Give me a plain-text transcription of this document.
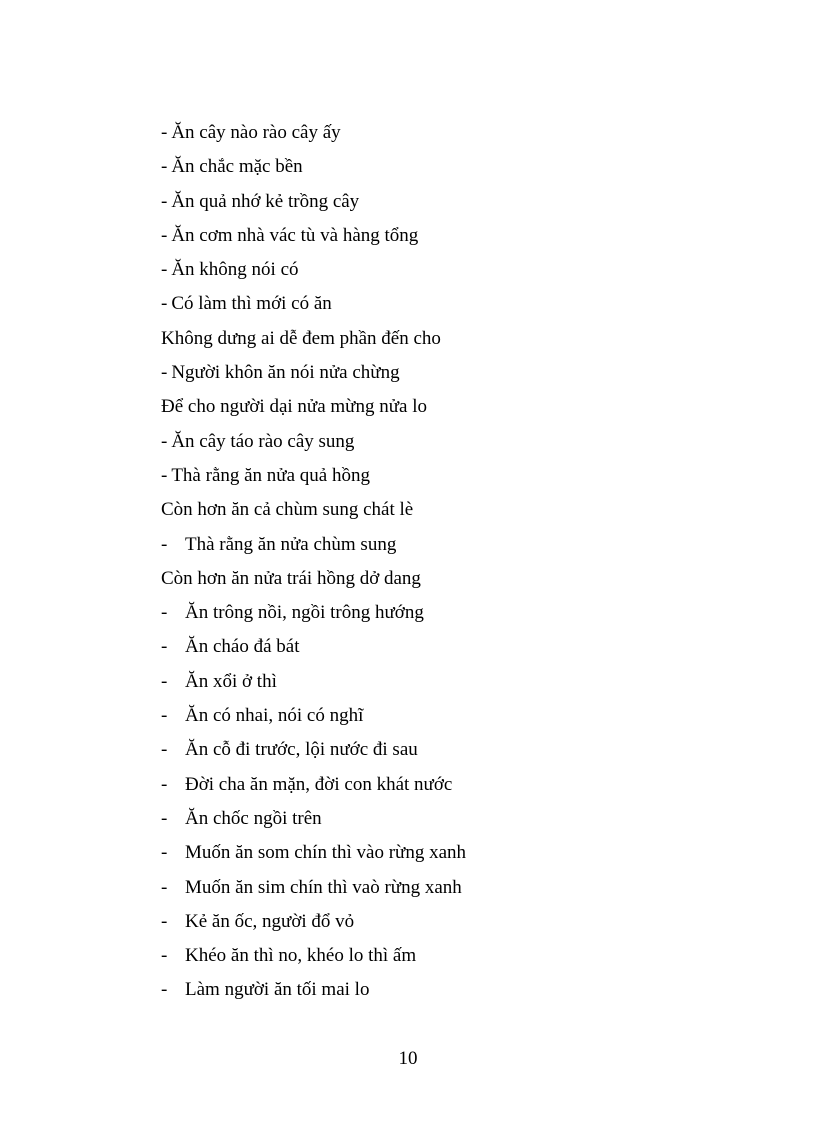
- Ăn cây nào rào cây ấy
- Ăn chắc mặc bền
- Ăn quả nhớ kẻ trồng cây
- Ăn cơm nhà vác tù và hàng tổng
- Ăn không nói có
- Có làm thì mới có ăn
Không dưng ai dễ đem phần đến cho
- Người khôn ăn nói nửa chừng
Để cho người dại nửa mừng nửa lo
- Ăn cây táo rào cây sung
- Thà rằng ăn nửa quả hồng
Còn hơn ăn cả chùm sung chát lè
- Thà rằng ăn nửa chùm sung
Còn hơn ăn nửa trái hồng dở dang
- Ăn trông nồi, ngồi trông hướng
- Ăn cháo đá bát
- Ăn xổi ở thì
- Ăn có nhai, nói có nghĩ
- Ăn cỗ đi trước, lội nước đi sau
- Đời cha ăn mặn, đời con khát nước
- Ăn chốc ngồi trên
- Muốn ăn som chín thì vào rừng xanh
- Muốn ăn sim chín thì vaò rừng xanh
- Kẻ ăn ốc, người đổ vỏ
- Khéo ăn thì no, khéo lo thì ấm
- Làm người ăn tối mai lo
10
